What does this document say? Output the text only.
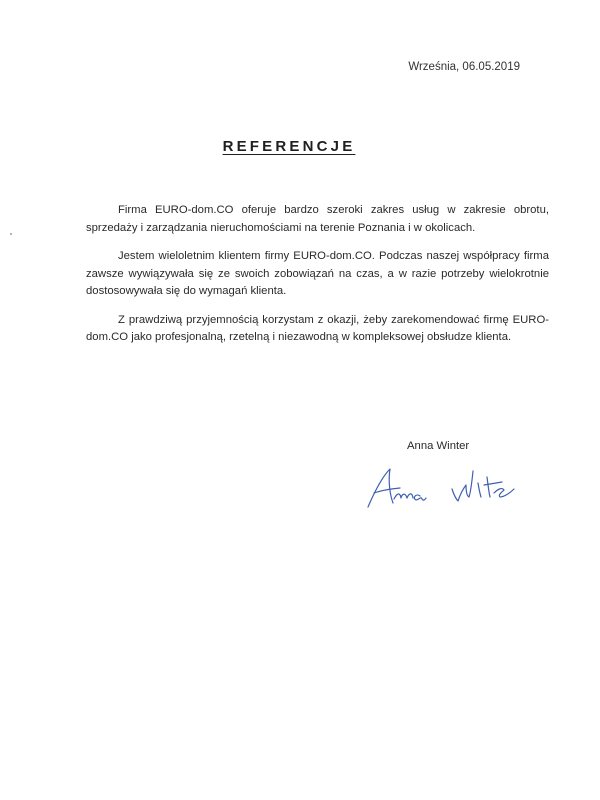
Września, 06.05.2019
REFERENCJE

Firma EURO-dom.CO oferuje bardzo szeroki zakres usług w zakresie obrotu, sprzedaży i zarządzania nieruchomościami na terenie Poznania i w okolicach.

Jestem wieloletnim klientem firmy EURO-dom.CO. Podczas naszej współpracy firma zawsze wywiązywała się ze swoich zobowiązań na czas, a w razie potrzeby wielokrotnie dostosowywała się do wymagań klienta.

Z prawdziwą przyjemnością korzystam z okazji, żeby zarekomendować firmę EURO-dom.CO jako profesjonalną, rzetelną i niezawodną w kompleksowej obsłudze klienta.

Anna Winter
